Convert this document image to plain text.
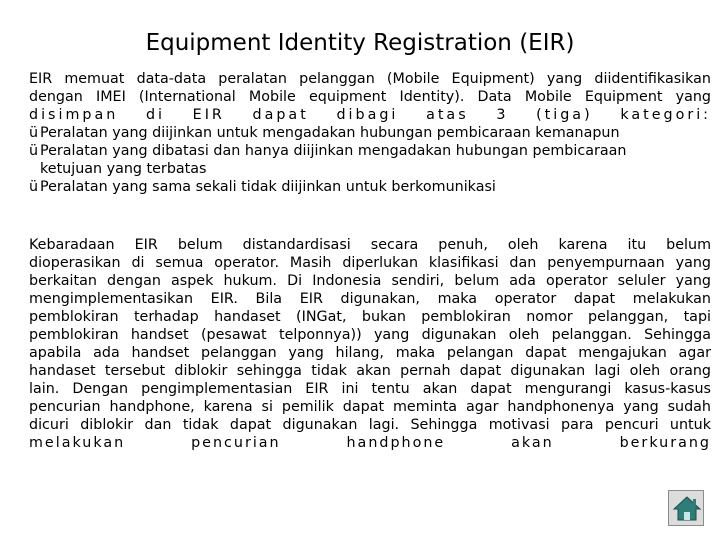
Equipment Identity Registration (EIR)
EIR memuat data-data peralatan pelanggan (Mobile Equipment) yang diidentifikasikan
dengan IMEI (International Mobile equipment Identity). Data Mobile Equipment yang
disimpan di EIR dapat dibagi atas 3 (tiga) kategori:
ü Peralatan yang diijinkan untuk mengadakan hubungan pembicaraan kemanapun
ü Peralatan yang dibatasi dan hanya diijinkan mengadakan hubungan pembicaraan
ketujuan yang terbatas
ü Peralatan yang sama sekali tidak diijinkan untuk berkomunikasi
Kebaradaan EIR belum distandardisasi secara penuh, oleh karena itu belum
dioperasikan di semua operator. Masih diperlukan klasifikasi dan penyempurnaan yang
berkaitan dengan aspek hukum. Di Indonesia sendiri, belum ada operator seluler yang
mengimplementasikan EIR. Bila EIR digunakan, maka operator dapat melakukan
pemblokiran terhadap handaset (INGat, bukan pemblokiran nomor pelanggan, tapi
pemblokiran handset (pesawat telponnya)) yang digunakan oleh pelanggan. Sehingga
apabila ada handset pelanggan yang hilang, maka pelangan dapat mengajukan agar
handaset tersebut diblokir sehingga tidak akan pernah dapat digunakan lagi oleh orang
lain. Dengan pengimplementasian EIR ini tentu akan dapat mengurangi kasus-kasus
pencurian handphone, karena si pemilik dapat meminta agar handphonenya yang sudah
dicuri diblokir dan tidak dapat digunakan lagi. Sehingga motivasi para pencuri untuk
melakukan pencurian handphone akan berkurang
